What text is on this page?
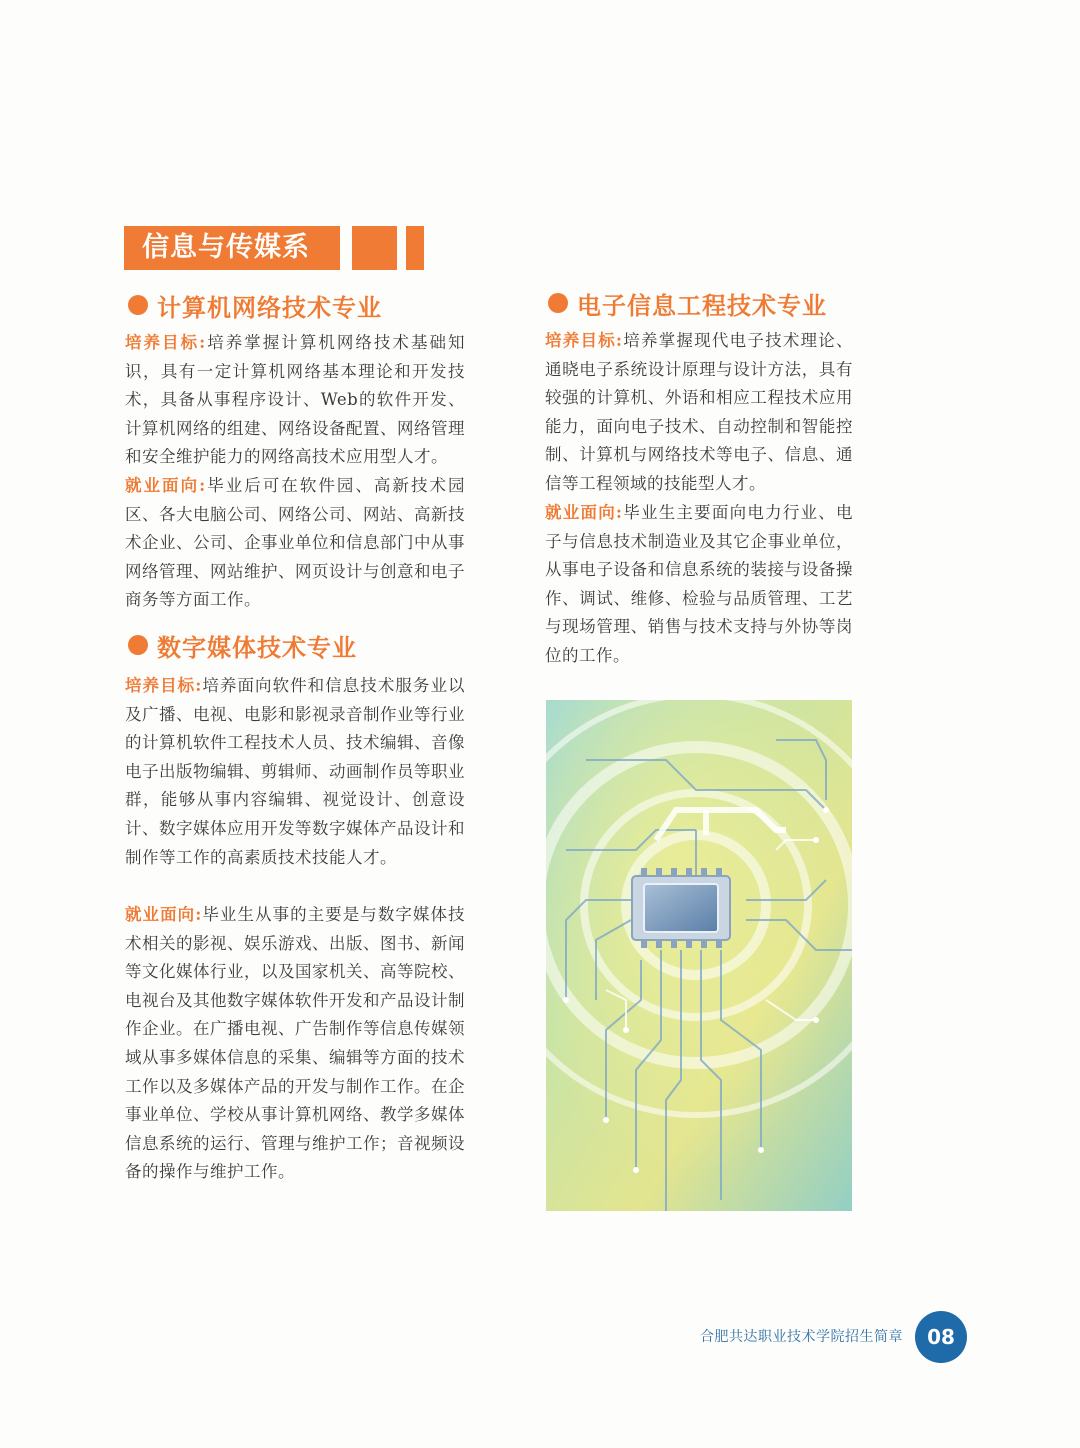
信息与传媒系
计算机网络技术专业

培养目标:培养掌握计算机网络技术基础知识，具有一定计算机网络基本理论和开发技术，具备从事程序设计、Web的软件开发、计算机网络的组建、网络设备配置、网络管理和安全维护能力的网络高技术应用型人才。

就业面向:毕业后可在软件园、高新技术园区、各大电脑公司、网络公司、网站、高新技术企业、公司、企事业单位和信息部门中从事网络管理、网站维护、网页设计与创意和电子商务等方面工作。

数字媒体技术专业

培养目标:培养面向软件和信息技术服务业以及广播、电视、电影和影视录音制作业等行业的计算机软件工程技术人员、技术编辑、音像电子出版物编辑、剪辑师、动画制作员等职业群，能够从事内容编辑、视觉设计、创意设计、数字媒体应用开发等数字媒体产品设计和制作等工作的高素质技术技能人才。

就业面向:毕业生从事的主要是与数字媒体技术相关的影视、娱乐游戏、出版、图书、新闻等文化媒体行业，以及国家机关、高等院校、电视台及其他数字媒体软件开发和产品设计制作企业。在广播电视、广告制作等信息传媒领域从事多媒体信息的采集、编辑等方面的技术工作以及多媒体产品的开发与制作工作。在企事业单位、学校从事计算机网络、教学多媒体信息系统的运行、管理与维护工作；音视频设备的操作与维护工作。

电子信息工程技术专业

培养目标:培养掌握现代电子技术理论、通晓电子系统设计原理与设计方法，具有较强的计算机、外语和相应工程技术应用能力，面向电子技术、自动控制和智能控制、计算机与网络技术等电子、信息、通信等工程领域的技能型人才。

就业面向:毕业生主要面向电力行业、电子与信息技术制造业及其它企事业单位，从事电子设备和信息系统的装接与设备操作、调试、维修、检验与品质管理、工艺与现场管理、销售与技术支持与外协等岗位的工作。

合肥共达职业技术学院招生简章 08
